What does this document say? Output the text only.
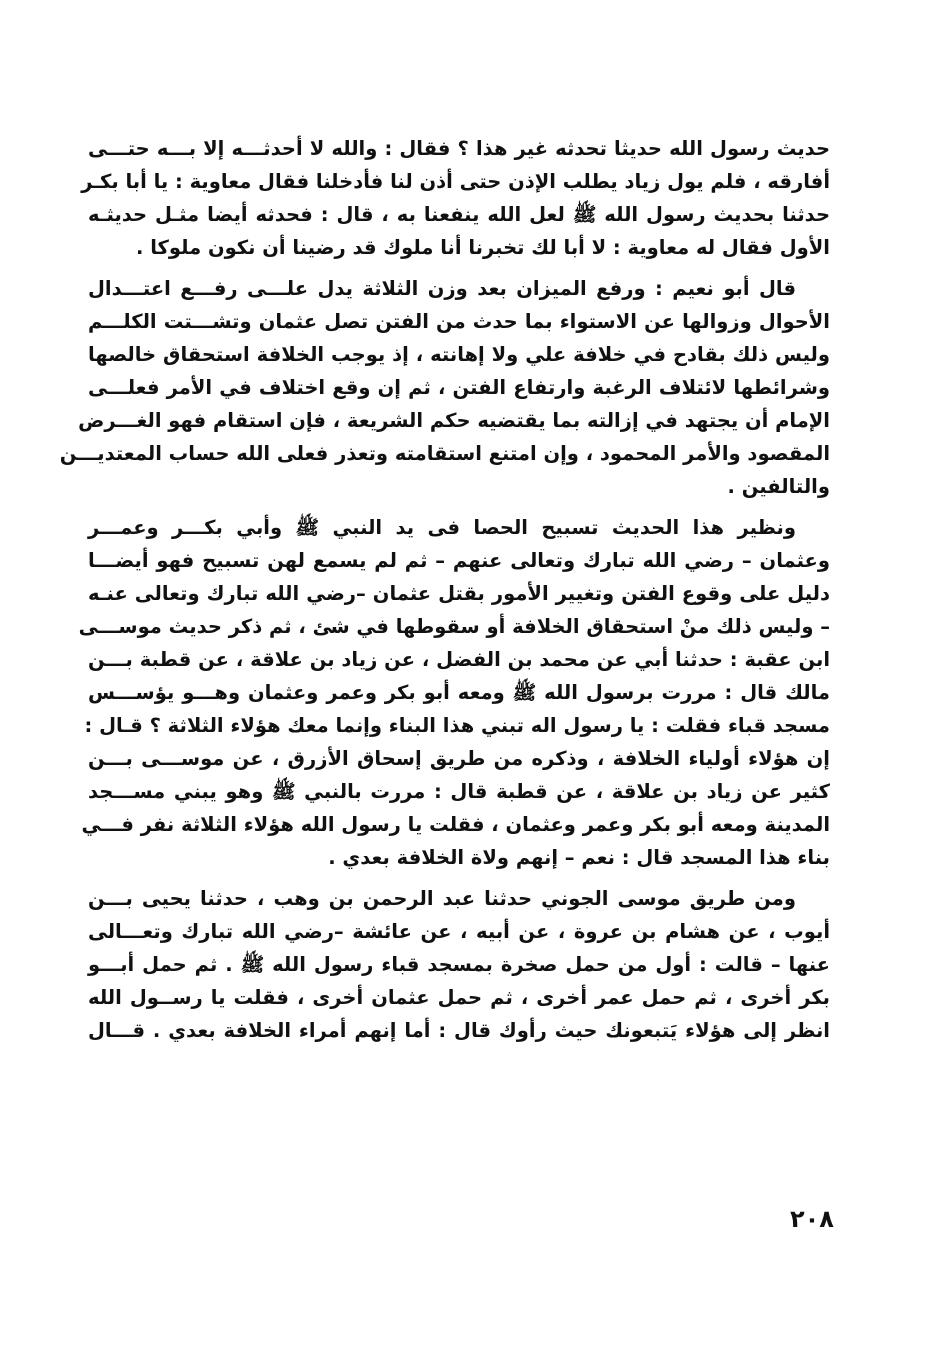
حديث رسول الله حديثا تحدثه غير هذا ؟ فقال : والله لا أحدثـــه إلا بـــه حتـــى
أفارقه ، فلم يول زياد يطلب الإذن حتى أذن لنا فأدخلنا فقال معاوية : يا أبا بكـر
حدثنا بحديث رسول الله ﷺ لعل الله ينفعنا به ، قال : فحدثه أيضا مثـل حديثـه
الأول فقال له معاوية : لا أبا لك تخبرنا أنا ملوك قد رضينا أن نكون ملوكا .

قال أبو نعيم : ورفع الميزان بعد وزن الثلاثة يدل علـــى رفـــع اعتـــدال
الأحوال وزوالها عن الاستواء بما حدث من الفتن تصل عثمان وتشـــتت الكلـــم
وليس ذلك بقادح في خلافة علي ولا إهانته ، إذ يوجب الخلافة استحقاق خالصها
وشرائطها لائتلاف الرغبة وارتفاع الفتن ، ثم إن وقع اختلاف في الأمر فعلـــى
الإمام أن يجتهد في إزالته بما يقتضيه حكم الشريعة ، فإن استقام فهو الغـــرض
المقصود والأمر المحمود ، وإن امتنع استقامته وتعذر فعلى الله حساب المعتديـــن
والتالفين .

ونظير هذا الحديث تسبيح الحصا فى يد النبي ﷺ وأبي بكـــر وعمـــر
وعثمان – رضي الله تبارك وتعالى عنهم – ثم لم يسمع لهن تسبيح فهو أيضـــا
دليل على وقوع الفتن وتغيير الأمور بقتل عثمان –رضي الله تبارك وتعالى عنـه
– وليس ذلك منْ استحقاق الخلافة أو سقوطها في شئ ، ثم ذكر حديث موســـى
ابن عقبة : حدثنا أبي عن محمد بن الفضل ، عن زياد بن علاقة ، عن قطبة بـــن
مالك قال : مررت برسول الله ﷺ ومعه أبو بكر وعمر وعثمان وهـــو يؤســـس
مسجد قباء فقلت : يا رسول اله تبني هذا البناء وإنما معك هؤلاء الثلاثة ؟ قـال :
إن هؤلاء أولياء الخلافة ، وذكره من طريق إسحاق الأزرق ، عن موســـى بـــن
كثير عن زياد بن علاقة ، عن قطبة قال : مررت بالنبي ﷺ وهو يبني مســـجد
المدينة ومعه أبو بكر وعمر وعثمان ، فقلت يا رسول الله هؤلاء الثلاثة نفر فـــي
بناء هذا المسجد قال : نعم – إنهم ولاة الخلافة بعدي .

ومن طريق موسى الجوني حدثنا عبد الرحمن بن وهب ، حدثنا يحيى بـــن
أيوب ، عن هشام بن عروة ، عن أبيه ، عن عائشة –رضي الله تبارك وتعـــالى
عنها – قالت : أول من حمل صخرة بمسجد قباء رسول الله ﷺ . ثم حمل أبـــو
بكر أخرى ، ثم حمل عمر أخرى ، ثم حمل عثمان أخرى ، فقلت يا رســول الله
انظر إلى هؤلاء يَتبعونك حيث رأوك قال : أما إنهم أمراء الخلافة بعدي . قـــال

٢٠٨
